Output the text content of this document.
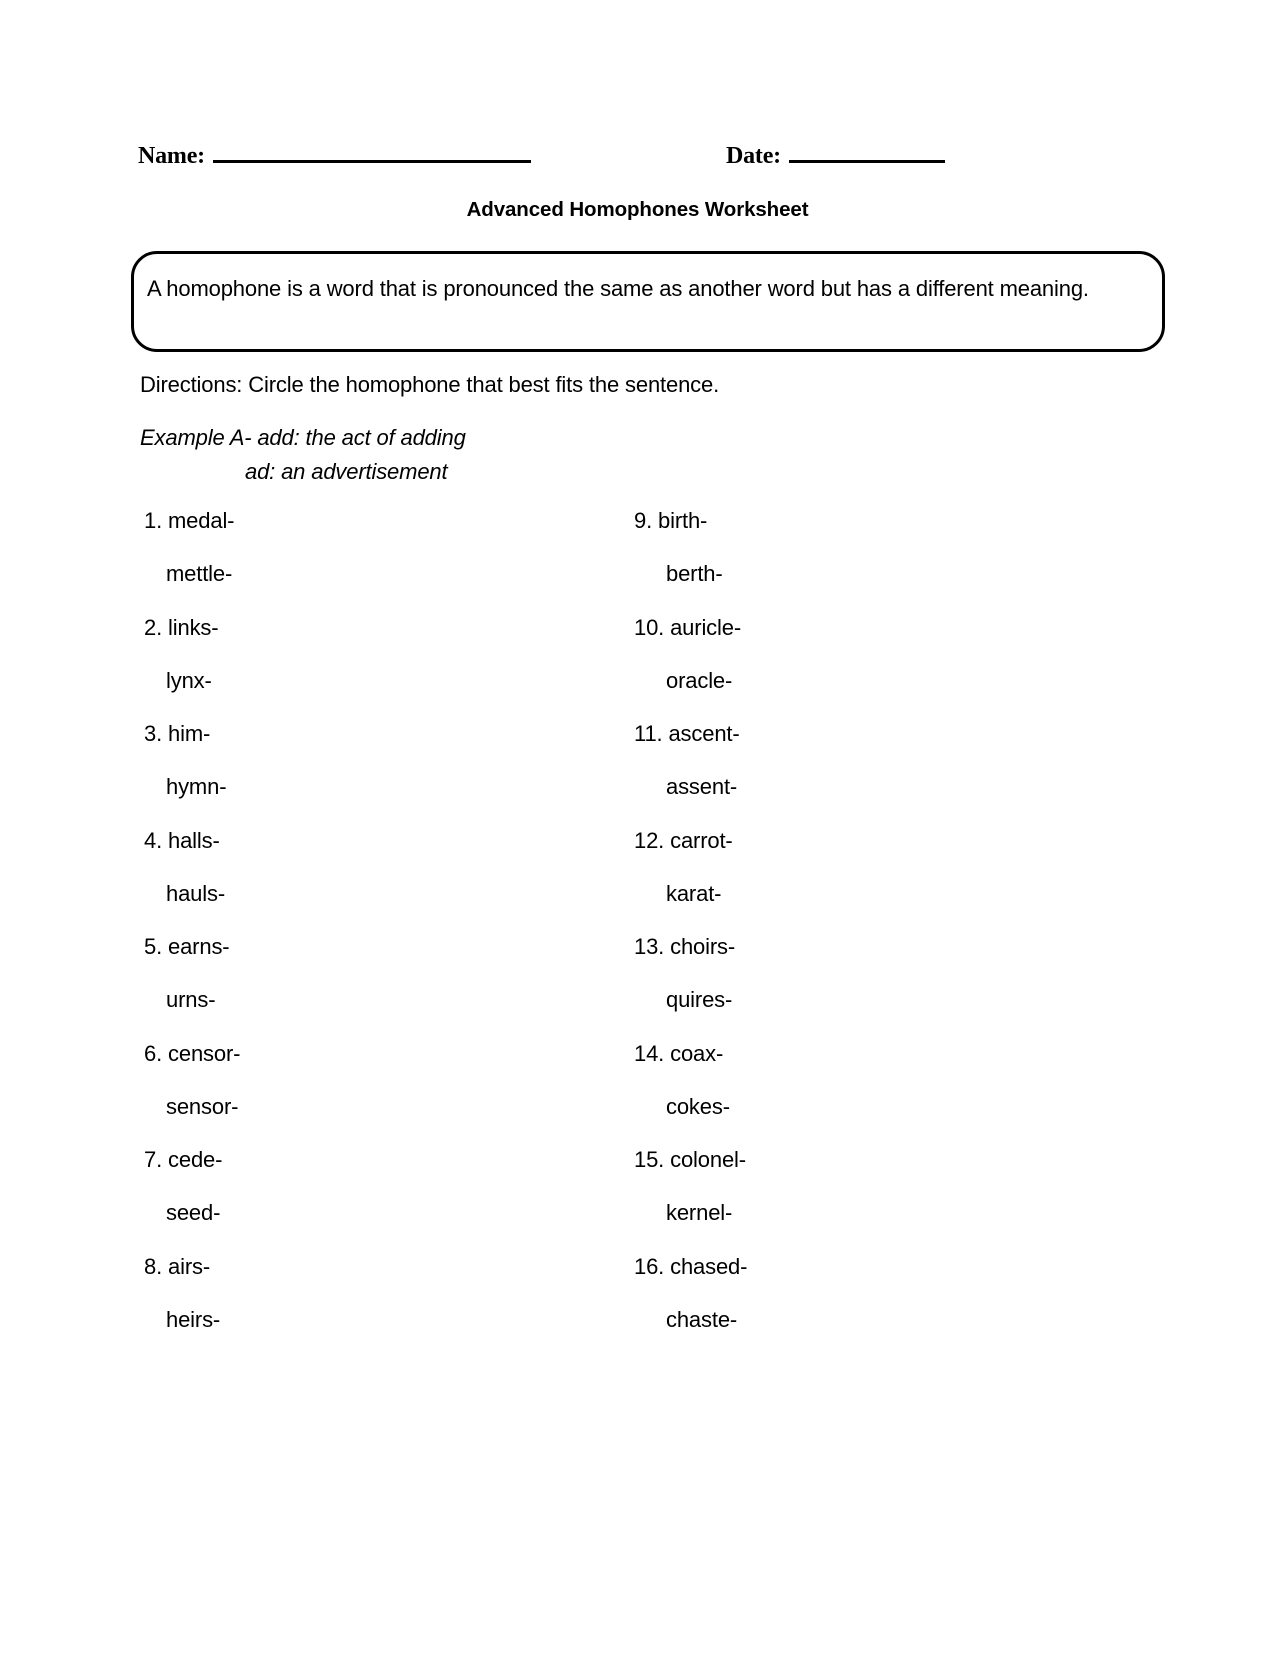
Name:	Date:
Advanced Homophones Worksheet
A homophone is a word that is pronounced the same as another word but has a different meaning.
Directions: Circle the homophone that best fits the sentence.
Example A- add: the act of adding
ad: an advertisement
1. medal-
mettle-
2. links-
lynx-
3. him-
hymn-
4. halls-
hauls-
5. earns-
urns-
6. censor-
sensor-
7. cede-
seed-
8. airs-
heirs-
9. birth-
berth-
10. auricle-
oracle-
11. ascent-
assent-
12. carrot-
karat-
13. choirs-
quires-
14. coax-
cokes-
15. colonel-
kernel-
16. chased-
chaste-
